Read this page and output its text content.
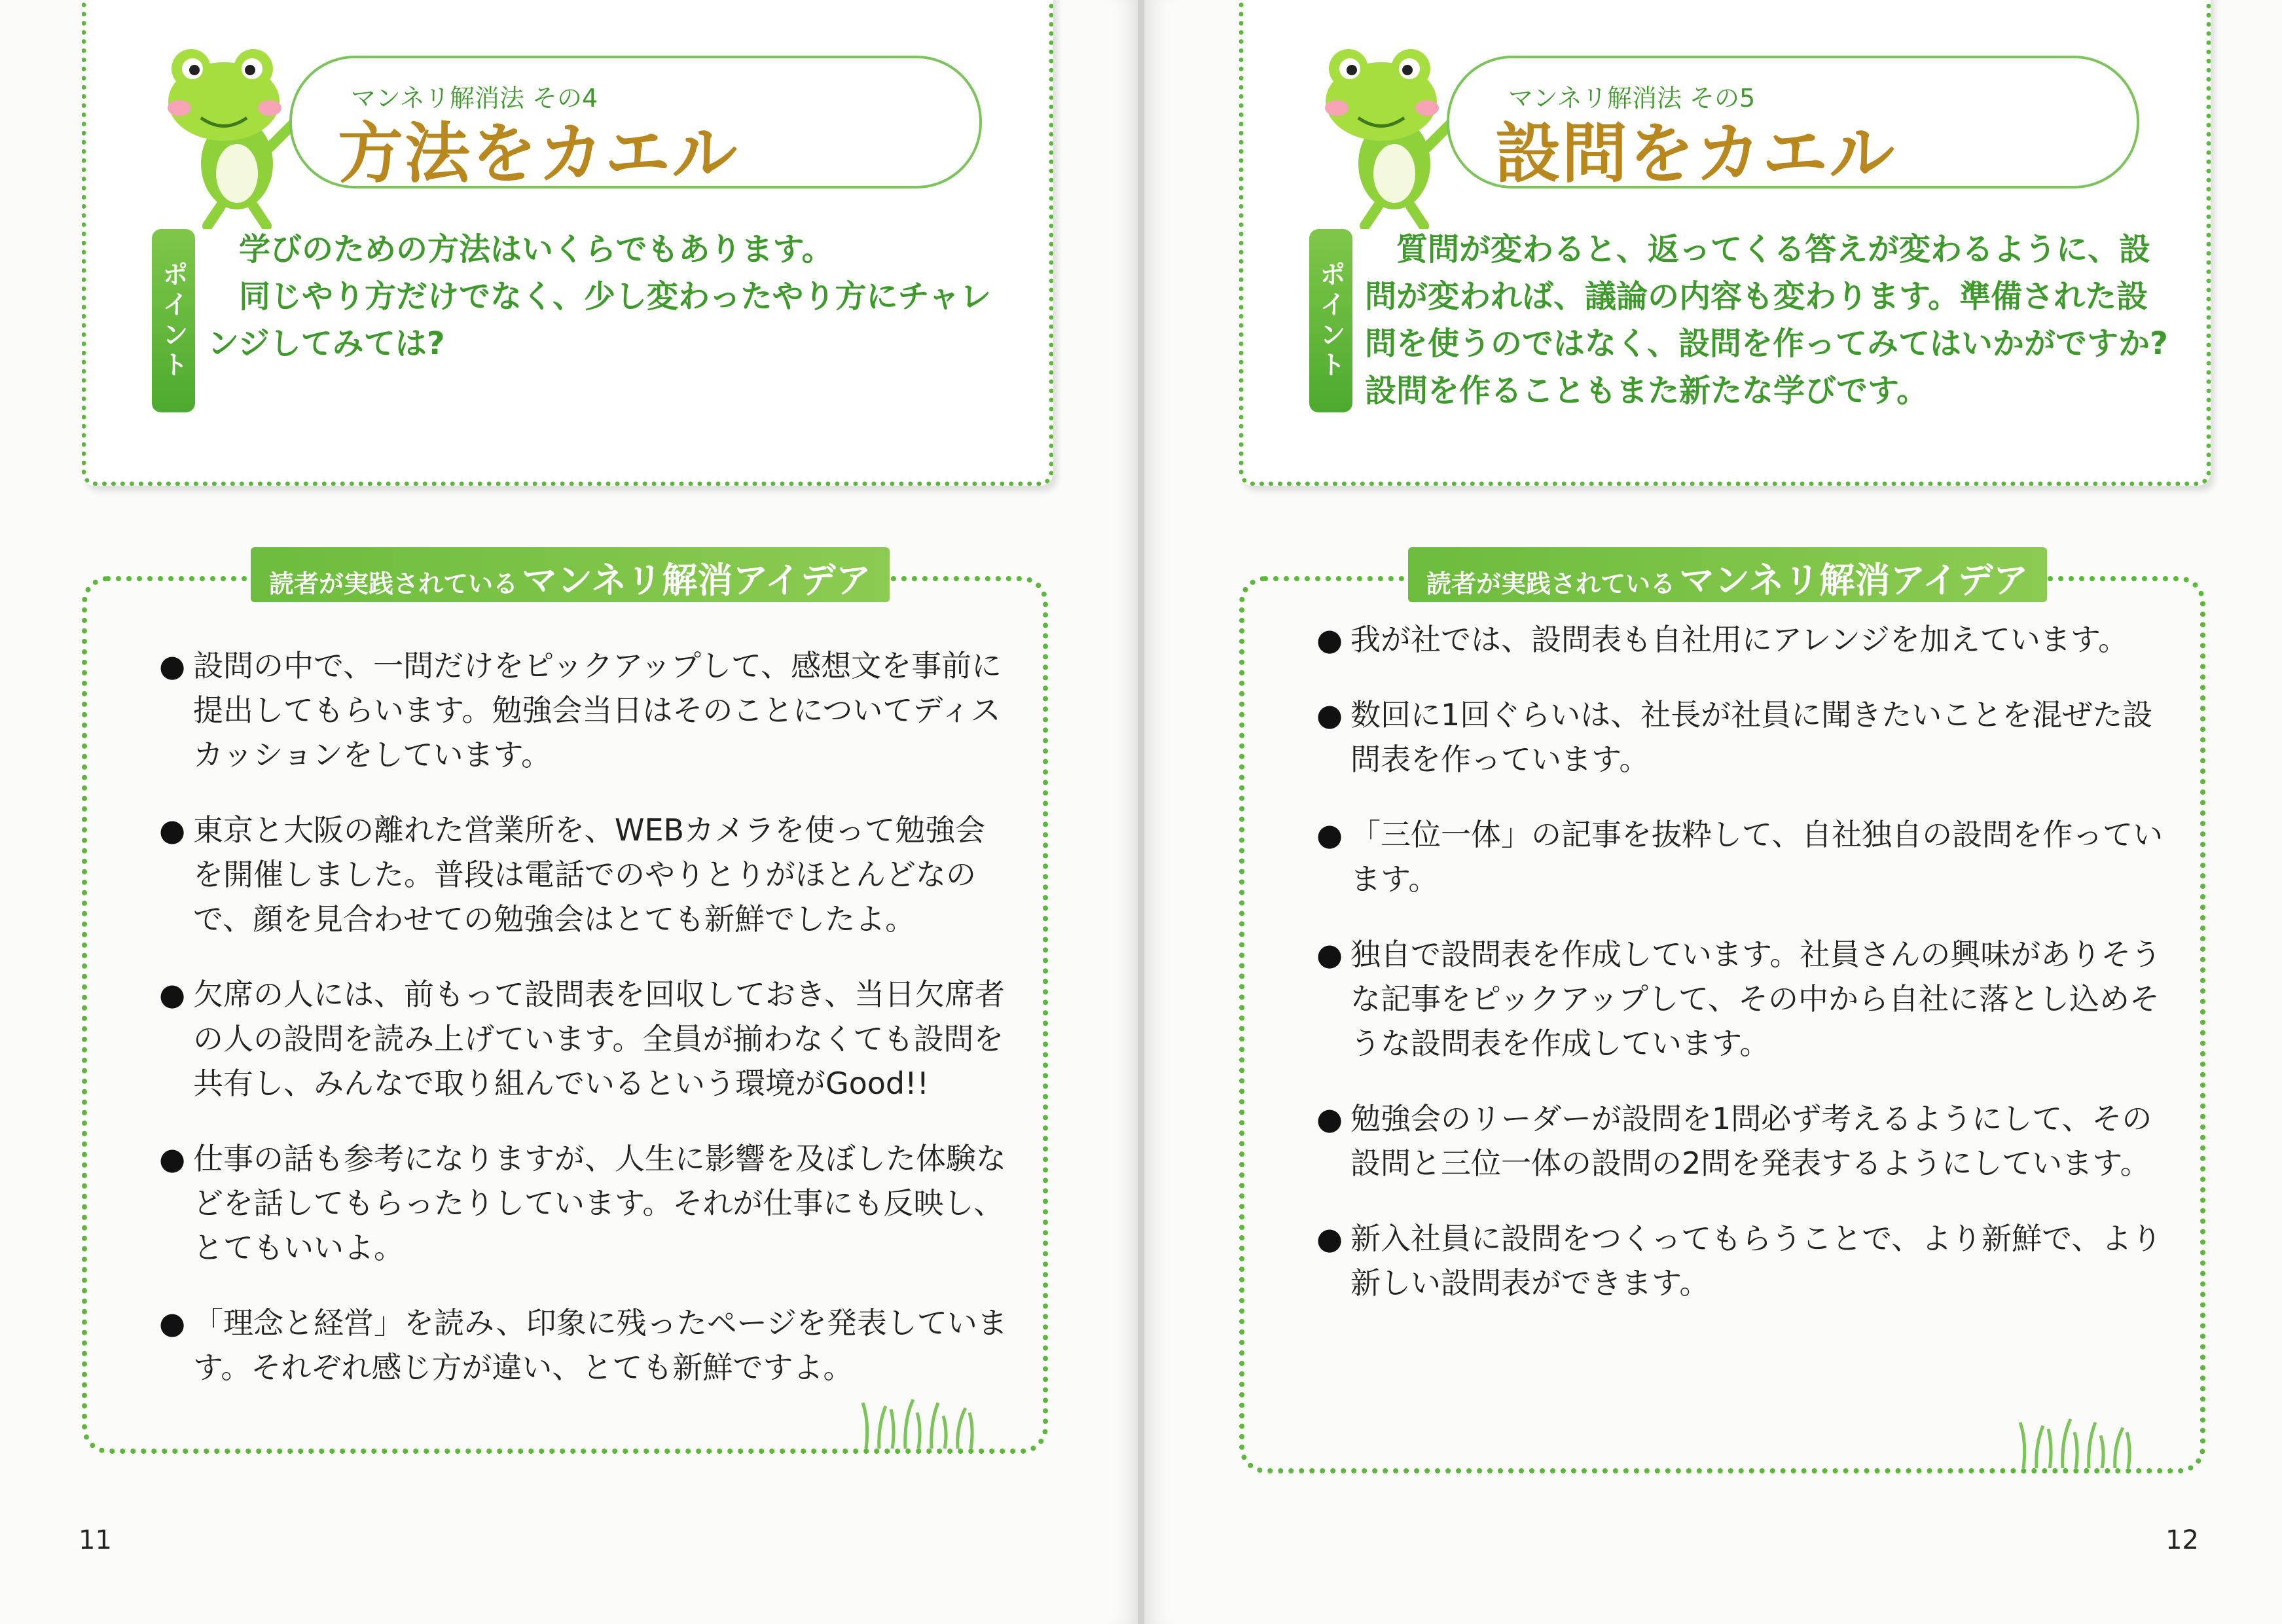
マンネリ解消法 その4
方法をカエル
ポイント

学びのための方法はいくらでもあります。

同じやり方だけでなく、少し変わったやり方にチャレンジしてみては?

読者が実践されている マンネリ解消アイデア
● 設問の中で、一問だけをピックアップして、感想文を事前に提出してもらいます。勉強会当日はそのことについてディスカッションをしています。
● 東京と大阪の離れた営業所を、WEBカメラを使って勉強会を開催しました。普段は電話でのやりとりがほとんどなので、顔を見合わせての勉強会はとても新鮮でしたよ。
● 欠席の人には、前もって設問表を回収しておき、当日欠席者の人の設問を読み上げています。全員が揃わなくても設問を共有し、みんなで取り組んでいるという環境がGood!!
● 仕事の話も参考になりますが、人生に影響を及ぼした体験などを話してもらったりしています。それが仕事にも反映し、とてもいいよ。
● 「理念と経営」を読み、印象に残ったページを発表しています。それぞれ感じ方が違い、とても新鮮ですよ。
11
マンネリ解消法 その5
設問をカエル
ポイント

質問が変わると、返ってくる答えが変わるように、設問が変われば、議論の内容も変わります。準備された設問を使うのではなく、設問を作ってみてはいかがですか? 設問を作ることもまた新たな学びです。

読者が実践されている マンネリ解消アイデア
● 我が社では、設問表も自社用にアレンジを加えています。
● 数回に1回ぐらいは、社長が社員に聞きたいことを混ぜた設問表を作っています。
● 「三位一体」の記事を抜粋して、自社独自の設問を作っています。
● 独自で設問表を作成しています。社員さんの興味がありそうな記事をピックアップして、その中から自社に落とし込めそうな設問表を作成しています。
● 勉強会のリーダーが設問を1問必ず考えるようにして、その設問と三位一体の設問の2問を発表するようにしています。
● 新入社員に設問をつくってもらうことで、より新鮮で、より新しい設問表ができます。
12
